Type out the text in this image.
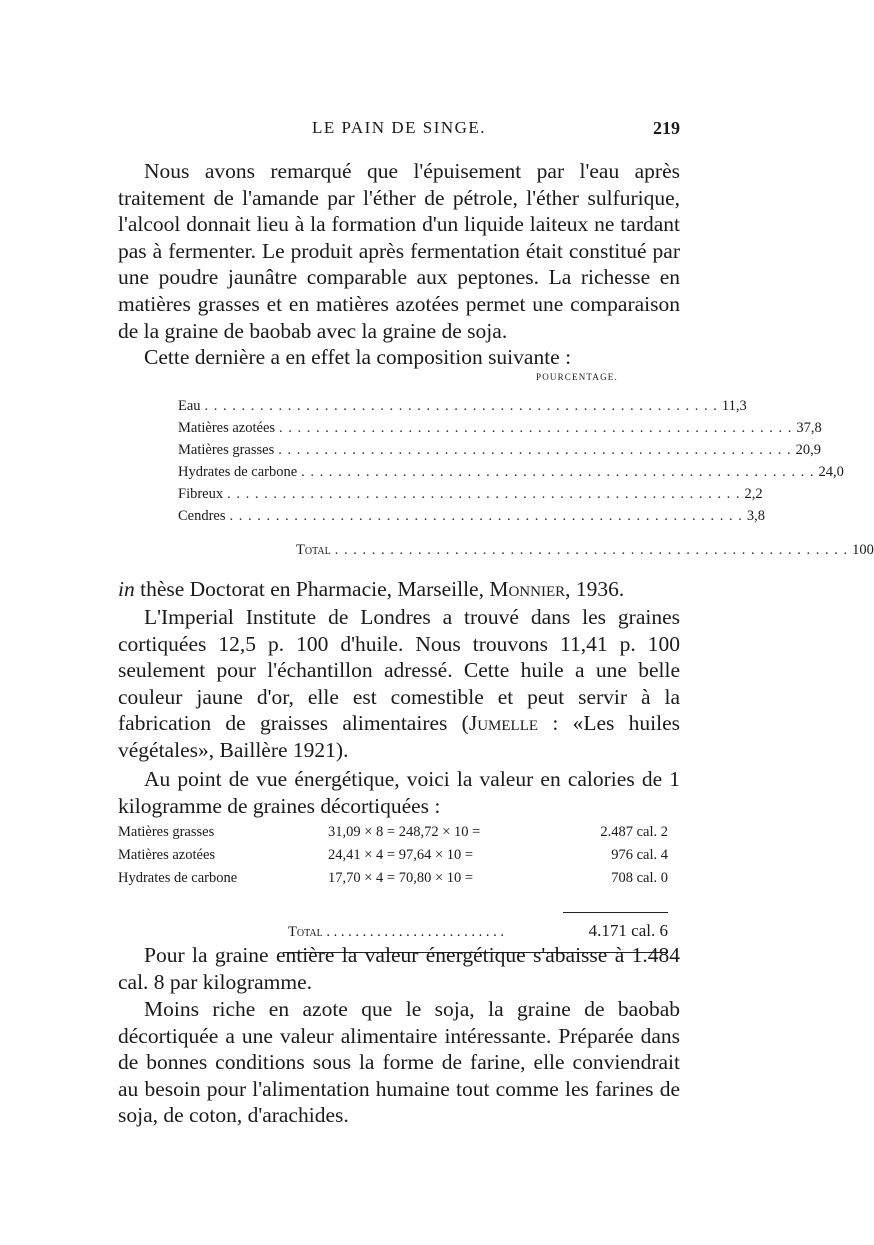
LE PAIN DE SINGE.	219

Nous avons remarqué que l'épuisement par l'eau après traitement de l'amande par l'éther de pétrole, l'éther sulfurique, l'alcool donnait lieu à la formation d'un liquide laiteux ne tardant pas à fermenter. Le produit après fermentation était constitué par une poudre jaunâtre comparable aux peptones. La richesse en matières grasses et en matières azotées permet une comparaison de la graine de baobab avec la graine de soja.

Cette dernière a en effet la composition suivante :

POURCENTAGE.
Eau . . . . . . . . . . . . . . . . . . . . . . . . . . . . . . . . . . . . . . . . . . . . . . . . . . . . . . . . 11,3
Matières azotées . . . . . . . . . . . . . . . . . . . . . . . . . . . . . . . . . . . . . . . . . . . . . . . . . . . . . . . . 37,8
Matières grasses . . . . . . . . . . . . . . . . . . . . . . . . . . . . . . . . . . . . . . . . . . . . . . . . . . . . . . . . 20,9
Hydrates de carbone . . . . . . . . . . . . . . . . . . . . . . . . . . . . . . . . . . . . . . . . . . . . . . . . . . . . . . . . 24,0
Fibreux . . . . . . . . . . . . . . . . . . . . . . . . . . . . . . . . . . . . . . . . . . . . . . . . . . . . . . . . 2,2
Cendres . . . . . . . . . . . . . . . . . . . . . . . . . . . . . . . . . . . . . . . . . . . . . . . . . . . . . . . . 3,8
Total . . . . . . . . . . . . . . . . . . . . . . . . . . . . . . . . . . . . . . . . . . . . . . . . . . . . . . . . 100

in thèse Doctorat en Pharmacie, Marseille, Monnier, 1936.

L'Imperial Institute de Londres a trouvé dans les graines cortiquées 12,5 p. 100 d'huile. Nous trouvons 11,41 p. 100 seulement pour l'échantillon adressé. Cette huile a une belle couleur jaune d'or, elle est comestible et peut servir à la fabrication de graisses alimentaires (Jumelle : «Les huiles végétales», Baillère 1921).

Au point de vue énergétique, voici la valeur en calories de 1 kilogramme de graines décortiquées :

Matières grasses	31,09 × 8 = 248,72 × 10 =	2.487 cal. 2
Matières azotées	24,41 × 4 = 97,64 × 10 =	976 cal. 4
Hydrates de carbone	17,70 × 4 = 70,80 × 10 =	708 cal. 0
Total . . . . . . . . . . . . . . . . . . . . . . . . .	4.171 cal. 6

Pour la graine entière la valeur énergétique s'abaisse à 1.484 cal. 8 par kilogramme.

Moins riche en azote que le soja, la graine de baobab décortiquée a une valeur alimentaire intéressante. Préparée dans de bonnes conditions sous la forme de farine, elle conviendrait au besoin pour l'alimentation humaine tout comme les farines de soja, de coton, d'arachides.
